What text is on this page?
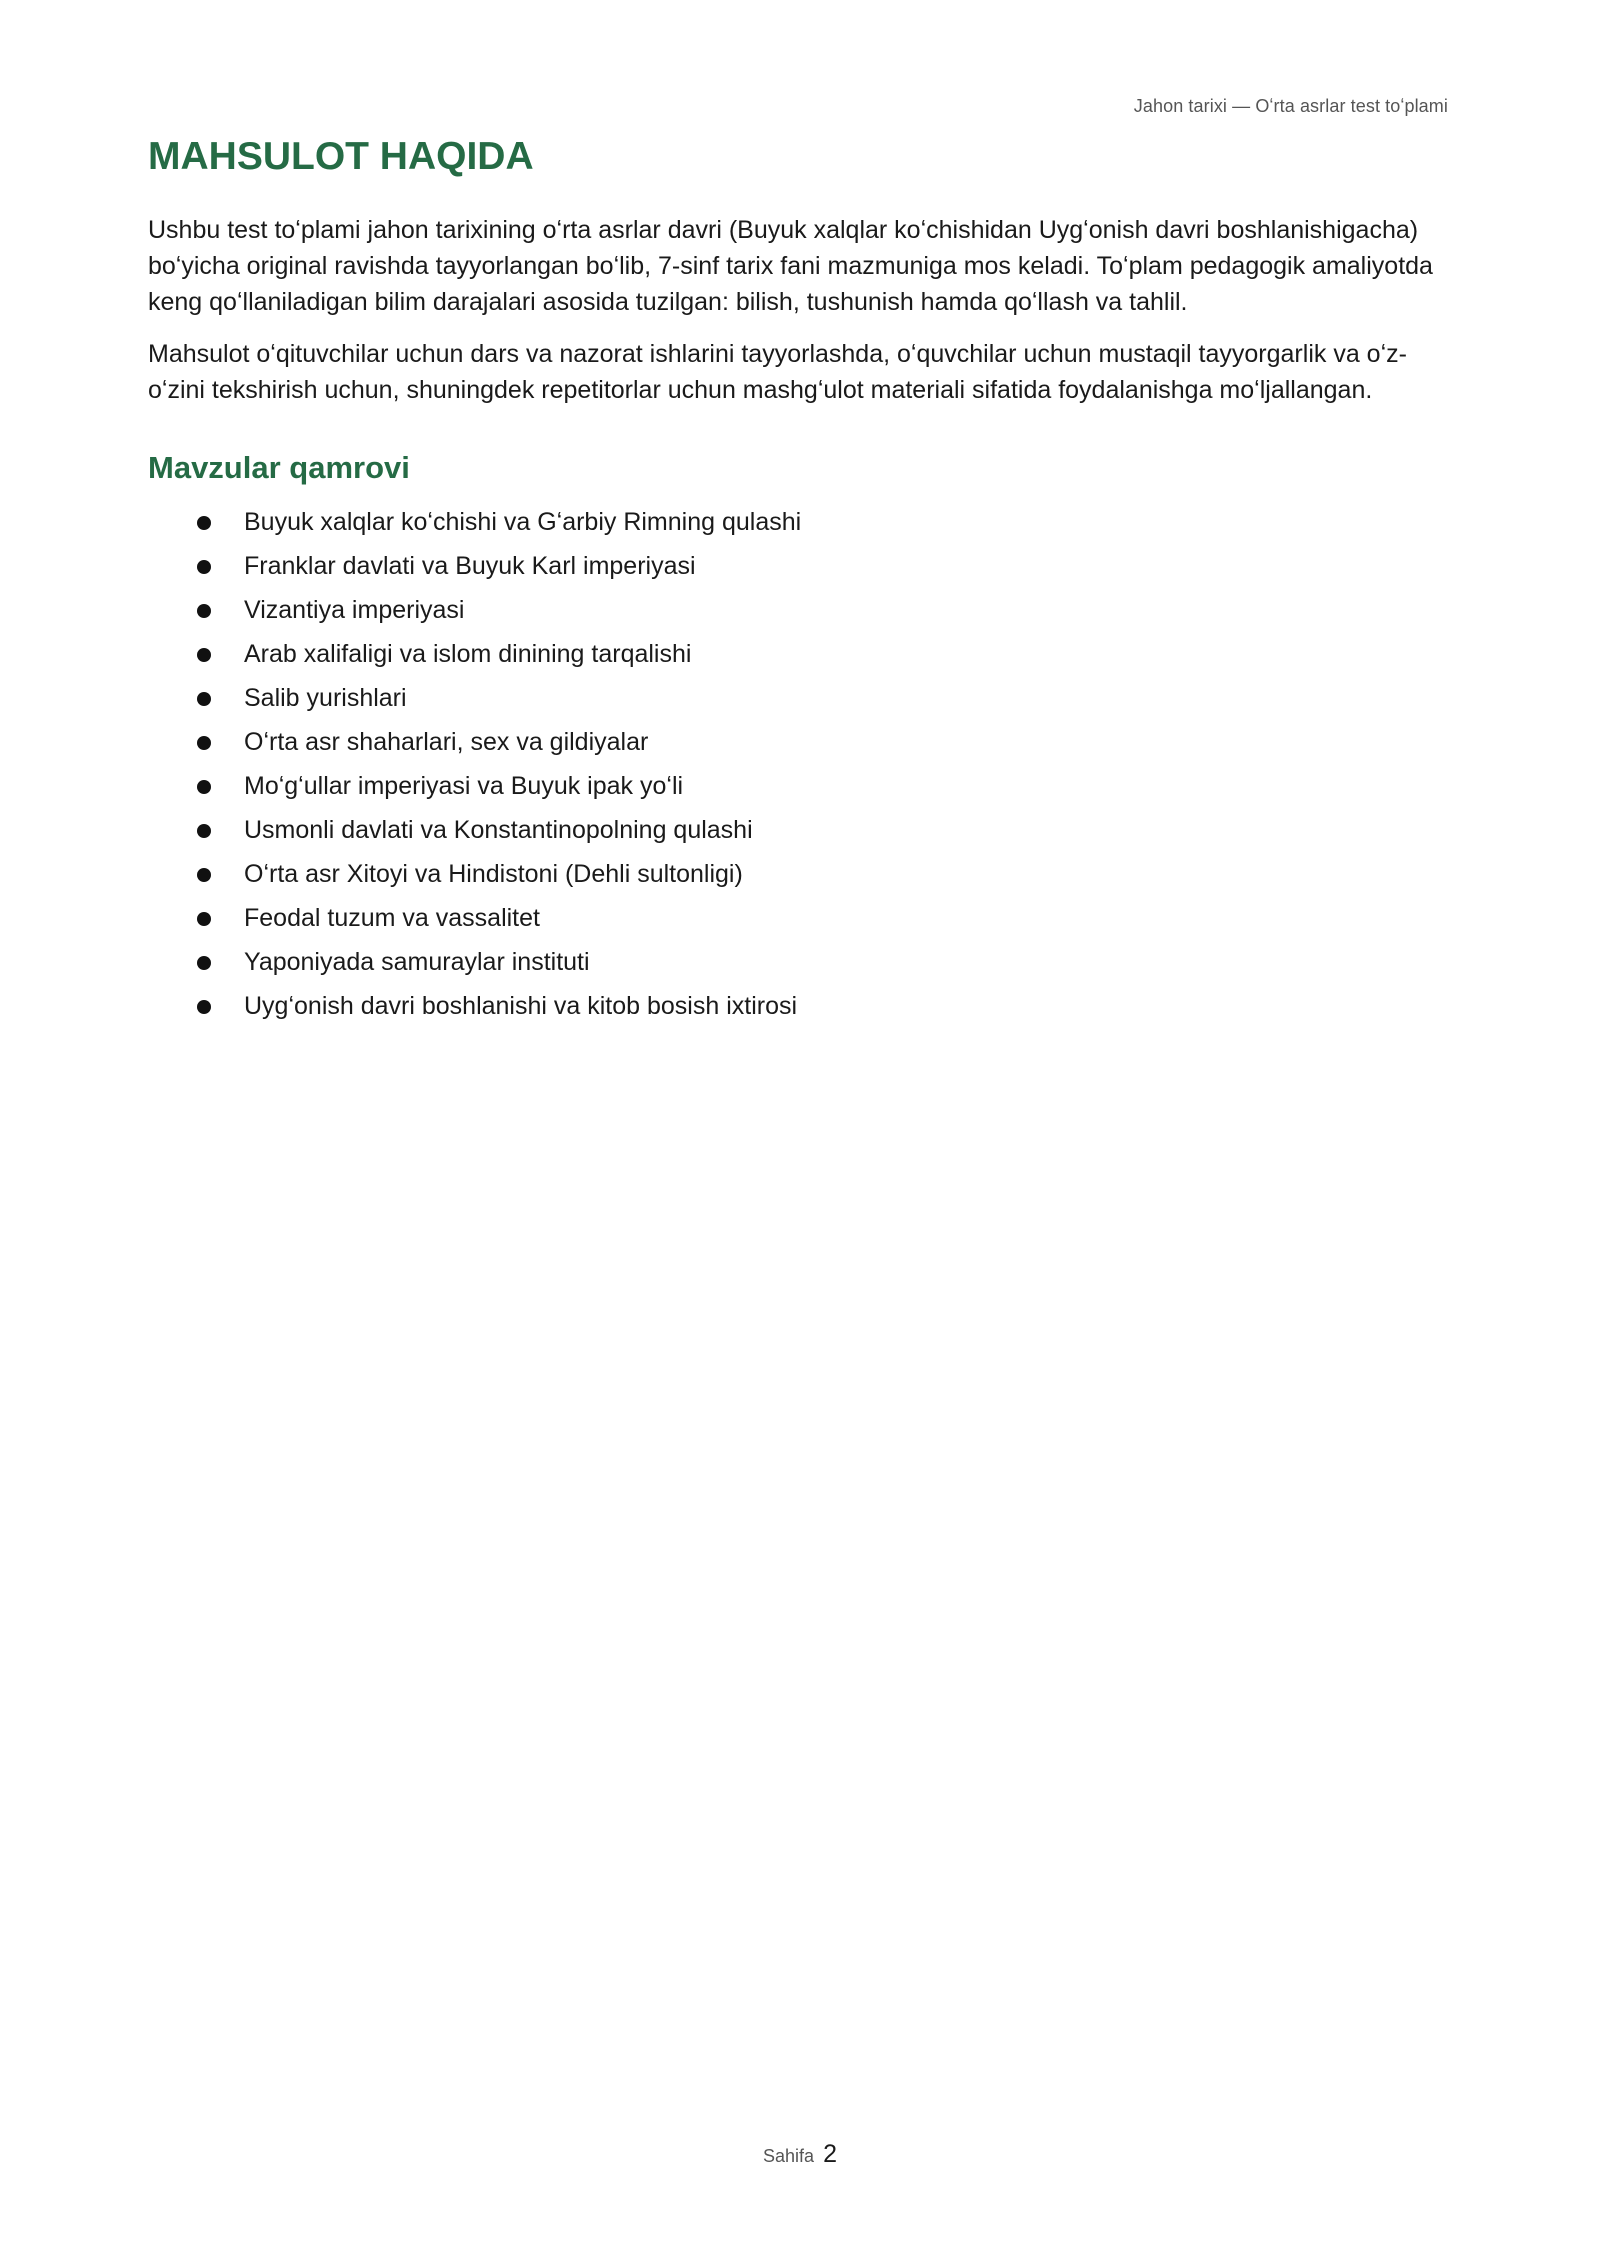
Jahon tarixi — Oʻrta asrlar test toʻplami
MAHSULOT HAQIDA

Ushbu test toʻplami jahon tarixining oʻrta asrlar davri (Buyuk xalqlar koʻchishidan Uygʻonish davri boshlanishigacha) boʻyicha original ravishda tayyorlangan boʻlib, 7-sinf tarix fani mazmuniga mos keladi. Toʻplam pedagogik amaliyotda keng qoʻllaniladigan bilim darajalari asosida tuzilgan: bilish, tushunish hamda qoʻllash va tahlil.

Mahsulot oʻqituvchilar uchun dars va nazorat ishlarini tayyorlashda, oʻquvchilar uchun mustaqil tayyorgarlik va oʻz-oʻzini tekshirish uchun, shuningdek repetitorlar uchun mashgʻulot materiali sifatida foydalanishga moʻljallangan.

Mavzular qamrovi
Buyuk xalqlar koʻchishi va Gʻarbiy Rimning qulashi
Franklar davlati va Buyuk Karl imperiyasi
Vizantiya imperiyasi
Arab xalifaligi va islom dinining tarqalishi
Salib yurishlari
Oʻrta asr shaharlari, sex va gildiyalar
Moʻgʻullar imperiyasi va Buyuk ipak yoʻli
Usmonli davlati va Konstantinopolning qulashi
Oʻrta asr Xitoyi va Hindistoni (Dehli sultonligi)
Feodal tuzum va vassalitet
Yaponiyada samuraylar instituti
Uygʻonish davri boshlanishi va kitob bosish ixtirosi
Sahifa 2
